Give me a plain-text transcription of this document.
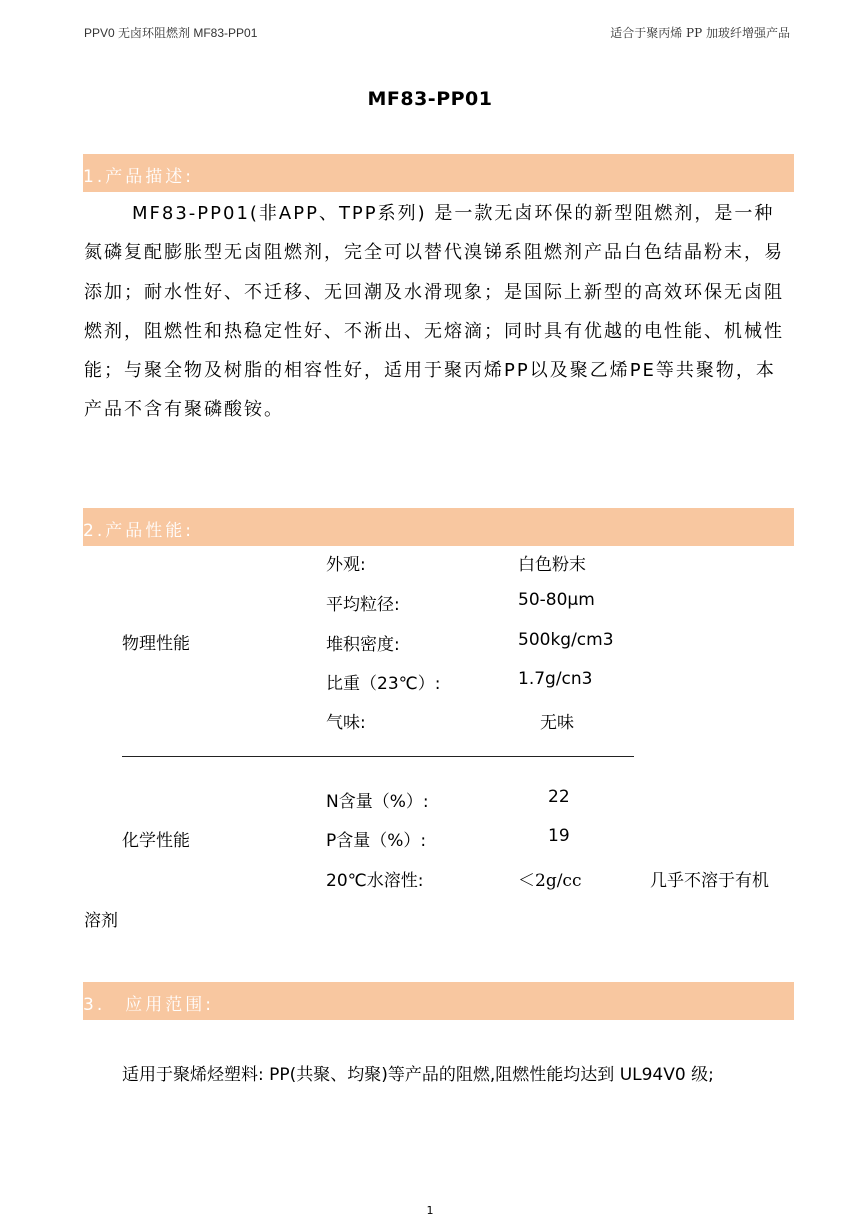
PPV0 无卤环阻燃剂 MF83-PP01	适合于聚丙烯 PP 加玻纤增强产品
MF83-PP01
1.产品描述:

MF83-PP01(非APP、TPP系列) 是一款无卤环保的新型阻燃剂，是一种氮磷复配膨胀型无卤阻燃剂，完全可以替代溴锑系阻燃剂产品白色结晶粉末，易添加；耐水性好、不迁移、无回潮及水滑现象；是国际上新型的高效环保无卤阻燃剂，阻燃性和热稳定性好、不淅出、无熔滴；同时具有优越的电性能、机械性能；与聚全物及树脂的相容性好，适用于聚丙烯PP以及聚乙烯PE等共聚物，本产品不含有聚磷酸铵。

2.产品性能:
物理性能
外观:	白色粉末
平均粒径:	50-80μm
堆积密度:	500kg/cm3
比重（23℃）:	1.7g/cn3
气味:	无味
化学性能
N含量（%）:	22
P含量（%）:	19
20℃水溶性:	＜2g/cc	几乎不溶于有机
溶剂
3.　应用范围:

适用于聚烯烃塑料: PP(共聚、均聚)等产品的阻燃,阻燃性能均达到 UL94V0 级;

1
